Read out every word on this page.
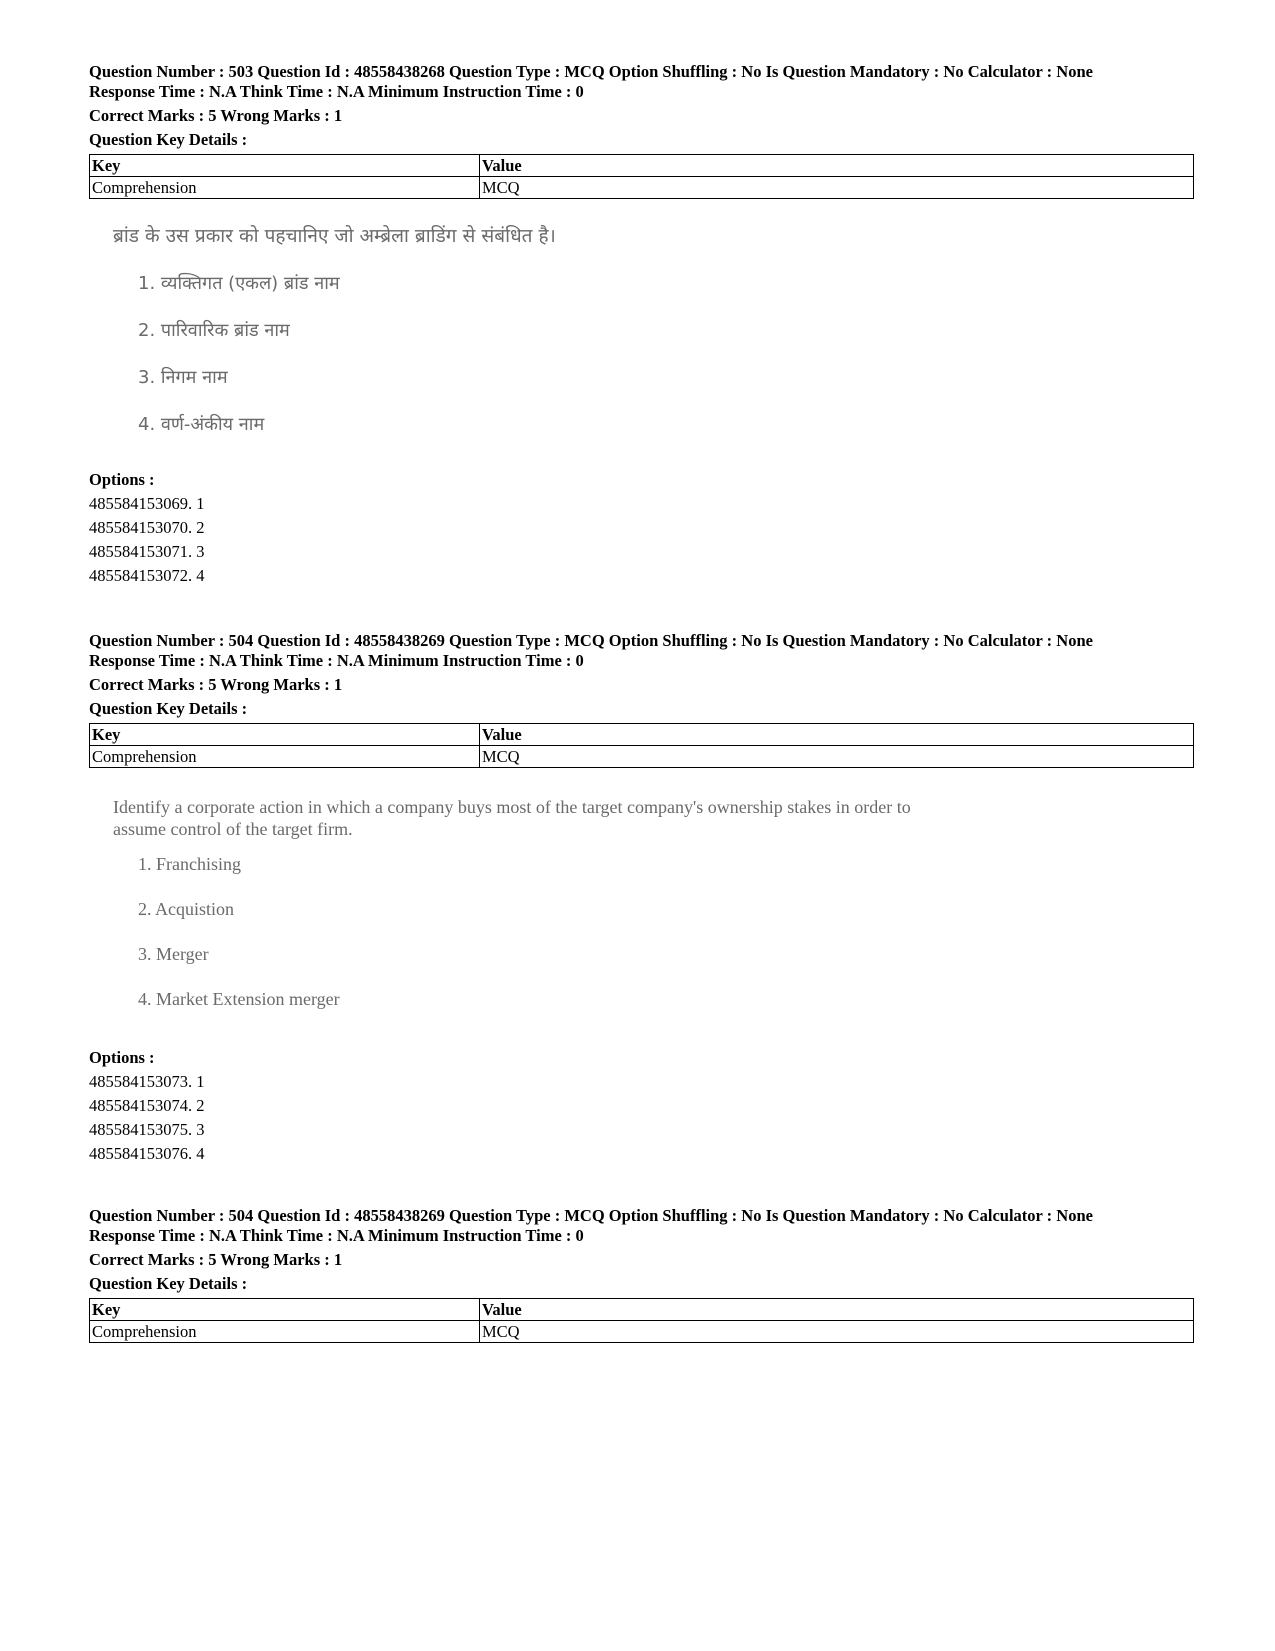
Question Number : 503 Question Id : 48558438268 Question Type : MCQ Option Shuffling : No Is Question Mandatory : No Calculator : None

Response Time : N.A Think Time : N.A Minimum Instruction Time : 0

Correct Marks : 5 Wrong Marks : 1

Question Key Details :

Key	Value
Comprehension	MCQ
ब्रांड के उस प्रकार को पहचानिए जो अम्ब्रेला ब्राडिंग से संबंधित है।
1. व्यक्तिगत (एकल) ब्रांड नाम
2. पारिवारिक ब्रांड नाम
3. निगम नाम
4. वर्ण-अंकीय नाम

Options :

485584153069. 1

485584153070. 2

485584153071. 3

485584153072. 4

Question Number : 504 Question Id : 48558438269 Question Type : MCQ Option Shuffling : No Is Question Mandatory : No Calculator : None

Response Time : N.A Think Time : N.A Minimum Instruction Time : 0

Correct Marks : 5 Wrong Marks : 1

Question Key Details :

Key	Value
Comprehension	MCQ
Identify a corporate action in which a company buys most of the target company's ownership stakes in order to
assume control of the target firm.
1. Franchising
2. Acquistion
3. Merger
4. Market Extension merger

Options :

485584153073. 1

485584153074. 2

485584153075. 3

485584153076. 4

Question Number : 504 Question Id : 48558438269 Question Type : MCQ Option Shuffling : No Is Question Mandatory : No Calculator : None

Response Time : N.A Think Time : N.A Minimum Instruction Time : 0

Correct Marks : 5 Wrong Marks : 1

Question Key Details :

Key	Value
Comprehension	MCQ
